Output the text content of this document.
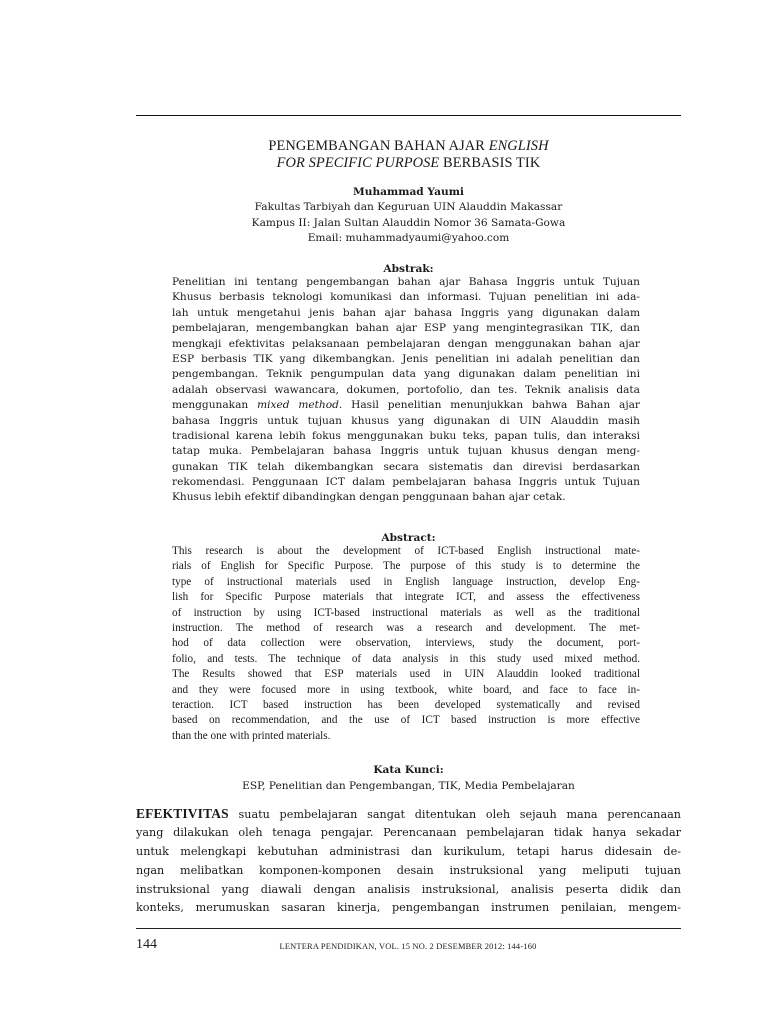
PENGEMBANGAN BAHAN AJAR ENGLISH
FOR SPECIFIC PURPOSE BERBASIS TIK
Muhammad Yaumi
Fakultas Tarbiyah dan Keguruan UIN Alauddin Makassar
Kampus II: Jalan Sultan Alauddin Nomor 36 Samata-Gowa
Email: muhammadyaumi@yahoo.com
Abstrak:
Penelitian ini tentang pengembangan bahan ajar Bahasa Inggris untuk Tujuan
Khusus berbasis teknologi komunikasi dan informasi. Tujuan penelitian ini ada-
lah untuk mengetahui jenis bahan ajar bahasa Inggris yang digunakan dalam
pembelajaran, mengembangkan bahan ajar ESP yang mengintegrasikan TIK, dan
mengkaji efektivitas pelaksanaan pembelajaran dengan menggunakan bahan ajar
ESP berbasis TIK yang dikembangkan. Jenis penelitian ini adalah penelitian dan
pengembangan. Teknik pengumpulan data yang digunakan dalam penelitian ini
adalah observasi wawancara, dokumen, portofolio, dan tes. Teknik analisis data
menggunakan mixed method. Hasil penelitian menunjukkan bahwa Bahan ajar
bahasa Inggris untuk tujuan khusus yang digunakan di UIN Alauddin masih
tradisional karena lebih fokus menggunakan buku teks, papan tulis, dan interaksi
tatap muka. Pembelajaran bahasa Inggris untuk tujuan khusus dengan meng-
gunakan TIK telah dikembangkan secara sistematis dan direvisi berdasarkan
rekomendasi. Penggunaan ICT dalam pembelajaran bahasa Inggris untuk Tujuan
Khusus lebih efektif dibandingkan dengan penggunaan bahan ajar cetak.
Abstract:
This research is about the development of ICT-based English instructional mate-
rials of English for Specific Purpose. The purpose of this study is to determine the
type of instructional materials used in English language instruction, develop Eng-
lish for Specific Purpose materials that integrate ICT, and assess the effectiveness
of instruction by using ICT-based instructional materials as well as the traditional
instruction. The method of research was a research and development. The met-
hod of data collection were observation, interviews, study the document, port-
folio, and tests. The technique of data analysis in this study used mixed method.
The Results showed that ESP materials used in UIN Alauddin looked traditional
and they were focused more in using textbook, white board, and face to face in-
teraction. ICT based instruction has been developed systematically and revised
based on recommendation, and the use of ICT based instruction is more effective
than the one with printed materials.
Kata Kunci:
ESP, Penelitian dan Pengembangan, TIK, Media Pembelajaran
EFEKTIVITAS suatu pembelajaran sangat ditentukan oleh sejauh mana perencanaan
yang dilakukan oleh tenaga pengajar. Perencanaan pembelajaran tidak hanya sekadar
untuk melengkapi kebutuhan administrasi dan kurikulum, tetapi harus didesain de-
ngan melibatkan komponen-komponen desain instruksional yang meliputi tujuan
instruksional yang diawali dengan analisis instruksional, analisis peserta didik dan
konteks, merumuskan sasaran kinerja, pengembangan instrumen penilaian, mengem-
144	LENTERA PENDIDIKAN, VOL. 15 NO. 2 DESEMBER 2012: 144-160
